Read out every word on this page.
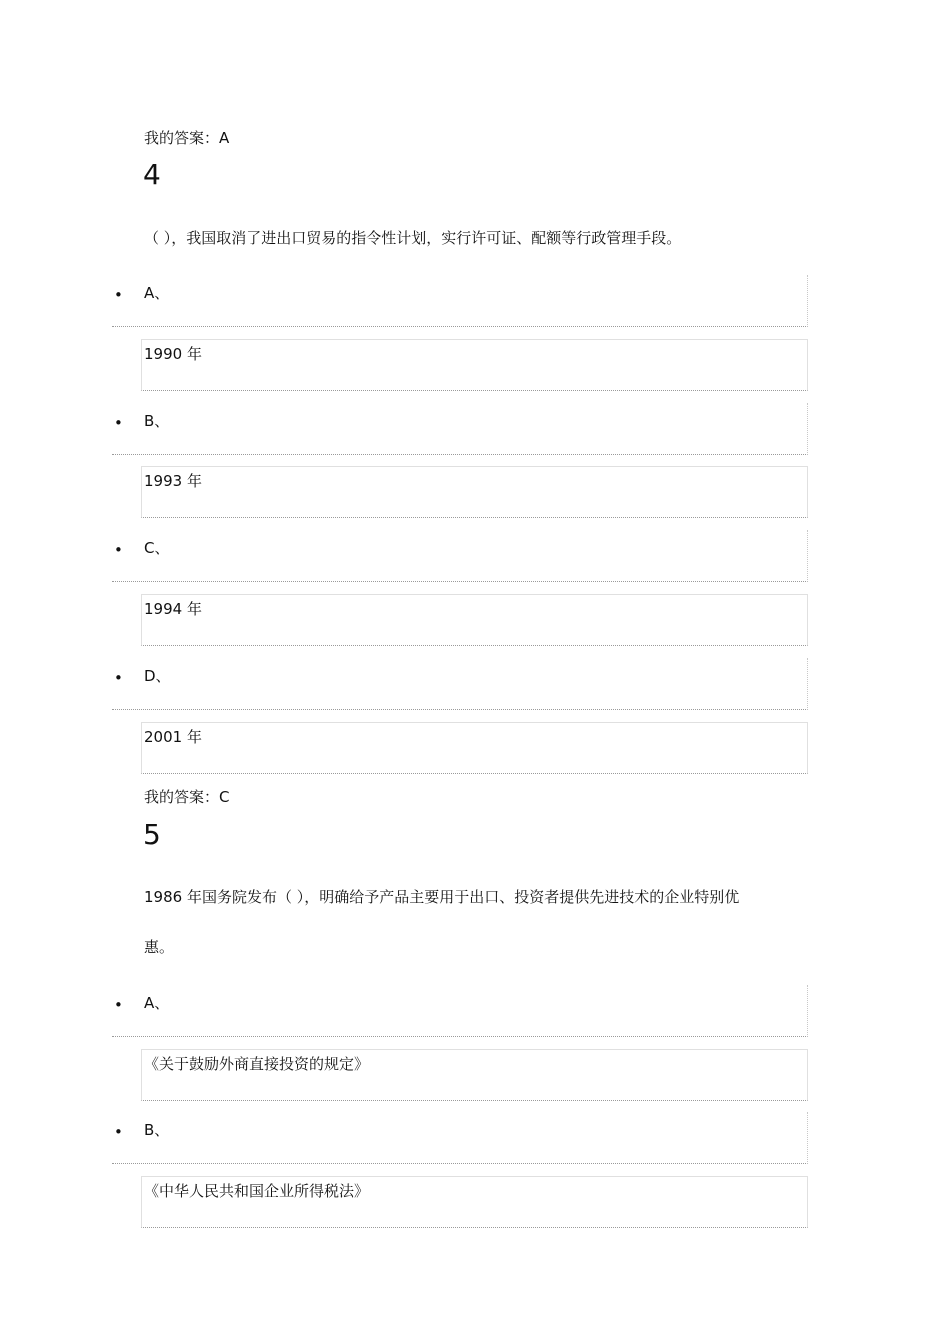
我的答案：A
4
（ ），我国取消了进出口贸易的指令性计划，实行许可证、配额等行政管理手段。
• A、
1990 年
• B、
1993 年
• C、
1994 年
• D、
2001 年
我的答案：C
5
1986 年国务院发布（ ），明确给予产品主要用于出口、投资者提供先进技术的企业特别优
惠。
• A、
《关于鼓励外商直接投资的规定》
• B、
《中华人民共和国企业所得税法》
